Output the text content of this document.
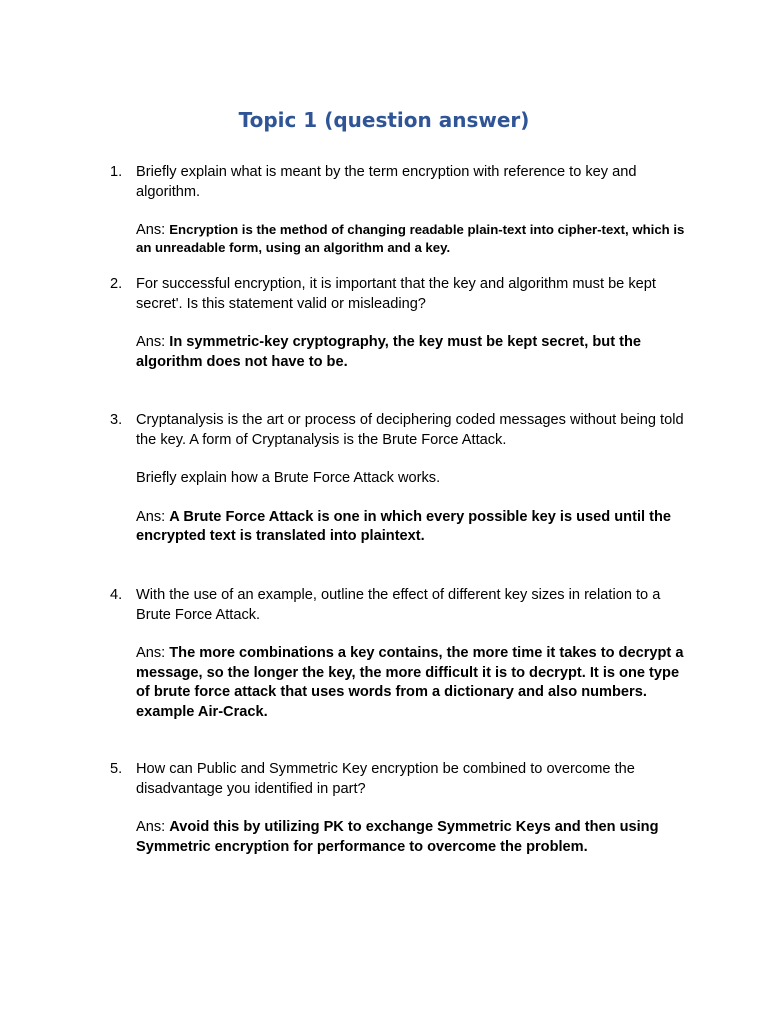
Topic 1 (question answer)
1. Briefly explain what is meant by the term encryption with reference to key and algorithm.
Ans: Encryption is the method of changing readable plain-text into cipher-text, which is an unreadable form, using an algorithm and a key.
2. For successful encryption, it is important that the key and algorithm must be kept secret'. Is this statement valid or misleading?
Ans: In symmetric-key cryptography, the key must be kept secret, but the algorithm does not have to be.
3. Cryptanalysis is the art or process of deciphering coded messages without being told the key. A form of Cryptanalysis is the Brute Force Attack.
Briefly explain how a Brute Force Attack works.
Ans: A Brute Force Attack is one in which every possible key is used until the encrypted text is translated into plaintext.
4. With the use of an example, outline the effect of different key sizes in relation to a Brute Force Attack.
Ans: The more combinations a key contains, the more time it takes to decrypt a message, so the longer the key, the more difficult it is to decrypt. It is one type of brute force attack that uses words from a dictionary and also numbers. example Air-Crack.
5. How can Public and Symmetric Key encryption be combined to overcome the disadvantage you identified in part?
Ans: Avoid this by utilizing PK to exchange Symmetric Keys and then using Symmetric encryption for performance to overcome the problem.
